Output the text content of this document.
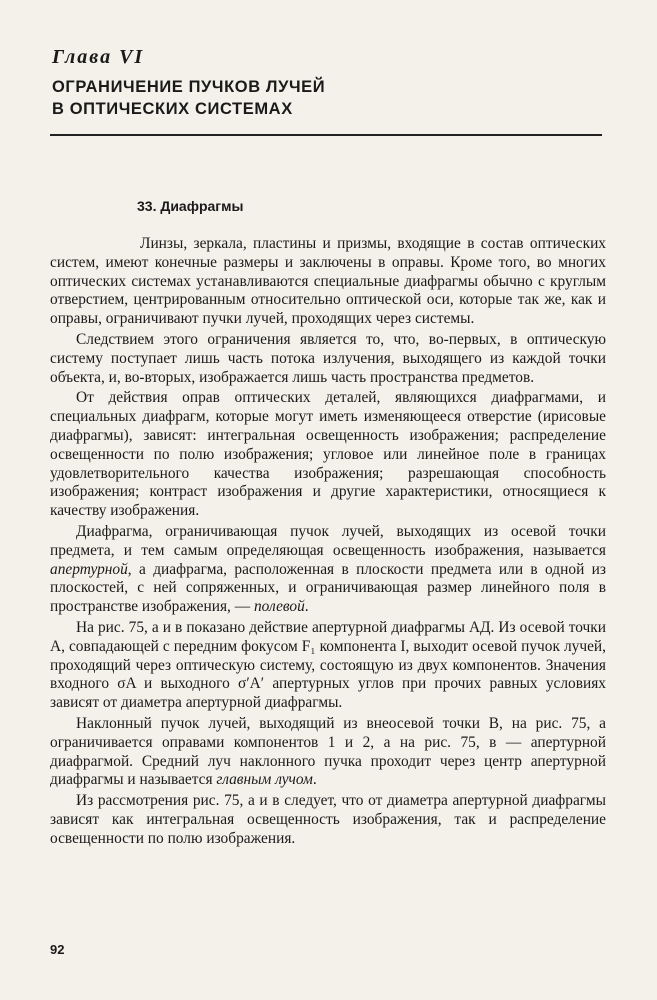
Глава VI
ОГРАНИЧЕНИЕ ПУЧКОВ ЛУЧЕЙ
В ОПТИЧЕСКИХ СИСТЕМАХ
33. Диафрагмы

Линзы, зеркала, пластины и призмы, входящие в состав оптических систем, имеют конечные размеры и заключены в оправы. Кроме того, во многих оптических системах устанавливаются специальные диафрагмы обычно с круглым отверстием, центрированным относительно оптической оси, которые так же, как и оправы, ограничивают пучки лучей, проходящих через системы.

Следствием этого ограничения является то, что, во-первых, в оптическую систему поступает лишь часть потока излучения, выходящего из каждой точки объекта, и, во-вторых, изображается лишь часть пространства предметов.

От действия оправ оптических деталей, являющихся диафрагмами, и специальных диафрагм, которые могут иметь изменяющееся отверстие (ирисовые диафрагмы), зависят: интегральная освещенность изображения; распределение освещенности по полю изображения; угловое или линейное поле в границах удовлетворительного качества изображения; разрешающая способность изображения; контраст изображения и другие характеристики, относящиеся к качеству изображения.

Диафрагма, ограничивающая пучок лучей, выходящих из осевой точки предмета, и тем самым определяющая освещенность изображения, называется апертурной, а диафрагма, расположенная в плоскости предмета или в одной из плоскостей, с ней сопряженных, и ограничивающая размер линейного поля в пространстве изображения, — полевой.

На рис. 75, а и в показано действие апертурной диафрагмы АД. Из осевой точки А, совпадающей с передним фокусом F₁ компонента I, выходит осевой пучок лучей, проходящий через оптическую систему, состоящую из двух компонентов. Значения входного σA и выходного σ′A′ апертурных углов при прочих равных условиях зависят от диаметра апертурной диафрагмы.

Наклонный пучок лучей, выходящий из внеосевой точки В, на рис. 75, а ограничивается оправами компонентов 1 и 2, а на рис. 75, в — апертурной диафрагмой. Средний луч наклонного пучка проходит через центр апертурной диафрагмы и называется главным лучом.

Из рассмотрения рис. 75, а и в следует, что от диаметра апертурной диафрагмы зависят как интегральная освещенность изображения, так и распределение освещенности по полю изображения.

92
